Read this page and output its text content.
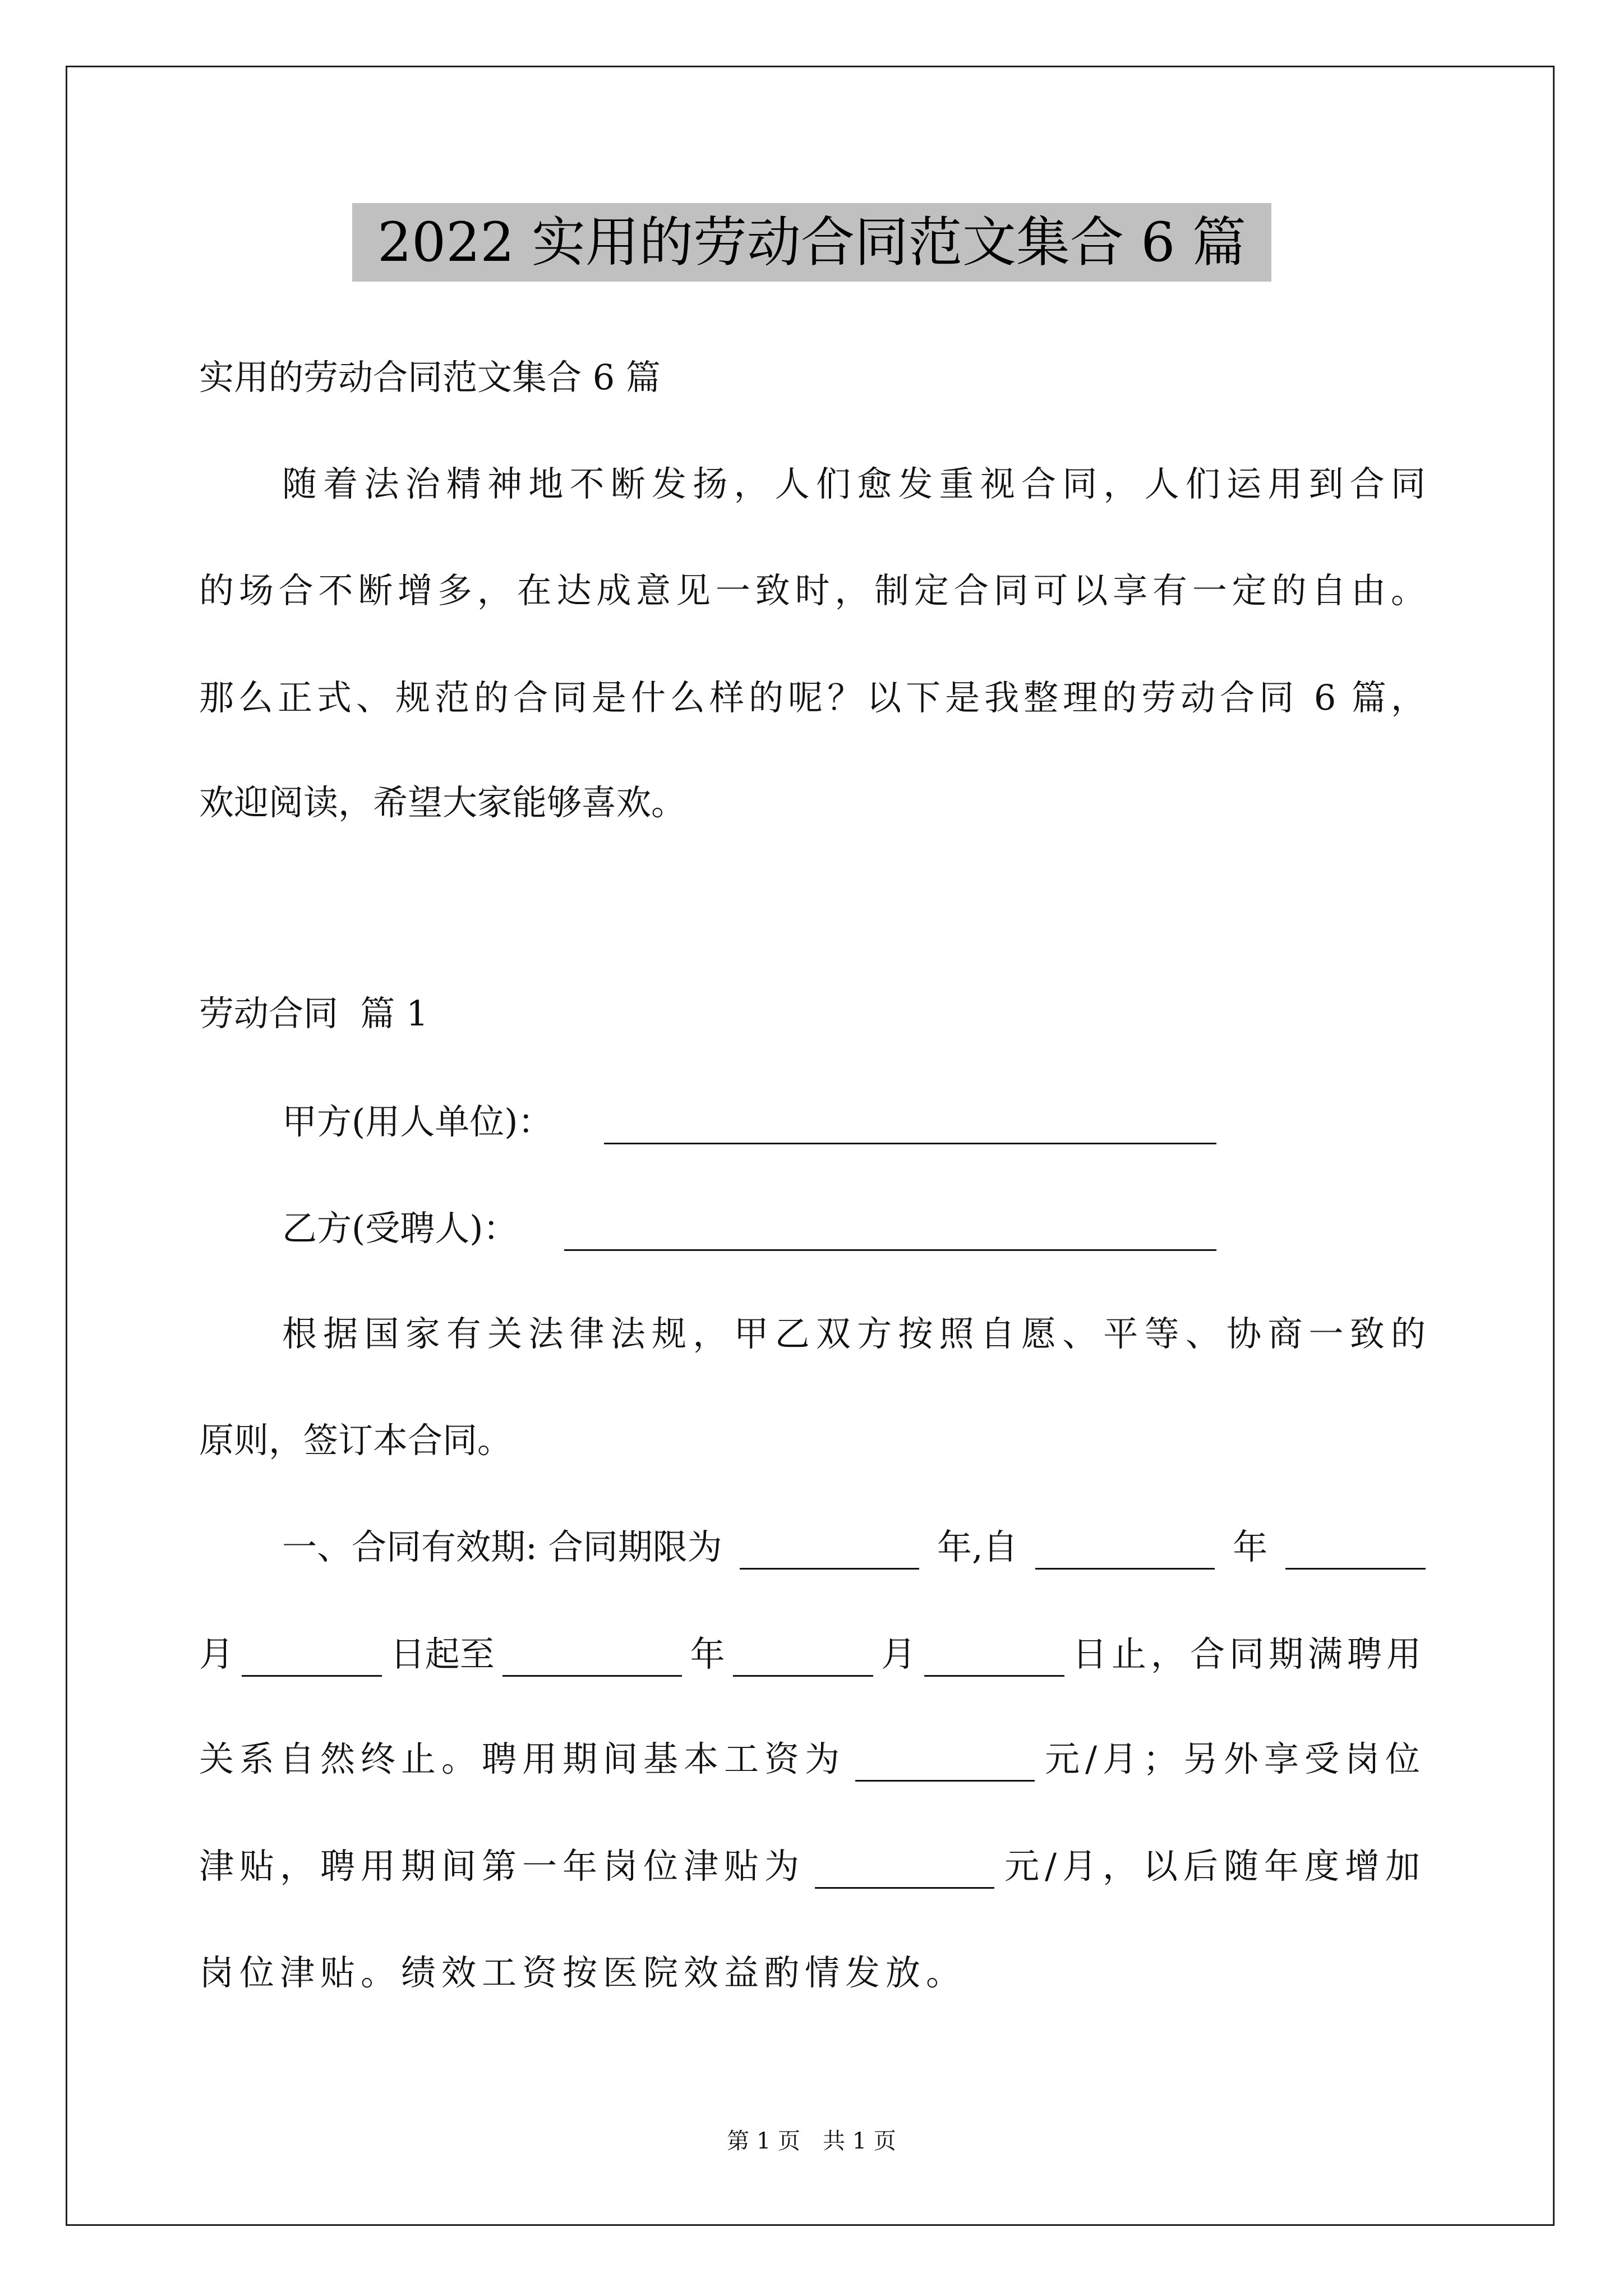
2022 实用的劳动合同范文集合 6 篇
实用的劳动合同范文集合 6 篇
随着法治精神地不断发扬，人们愈发重视合同，人们运用到合同
的场合不断增多，在达成意见一致时，制定合同可以享有一定的自由。
那么正式、规范的合同是什么样的呢？以下是我整理的劳动合同 6 篇，
欢迎阅读，希望大家能够喜欢。
劳动合同  篇 1
甲方(用人单位)：
乙方(受聘人)：
根据国家有关法律法规，甲乙双方按照自愿、平等、协商一致的
原则，签订本合同。
一、合同有效期: 合同期限为	年,自	年
月	日起至	年	月	日止，合同期满聘用
关系自然终止。聘用期间基本工资为	元/月；另外享受岗位
津贴，聘用期间第一年岗位津贴为	元/月，以后随年度增加
岗位津贴。绩效工资按医院效益酌情发放。
第 1 页　共 1 页
